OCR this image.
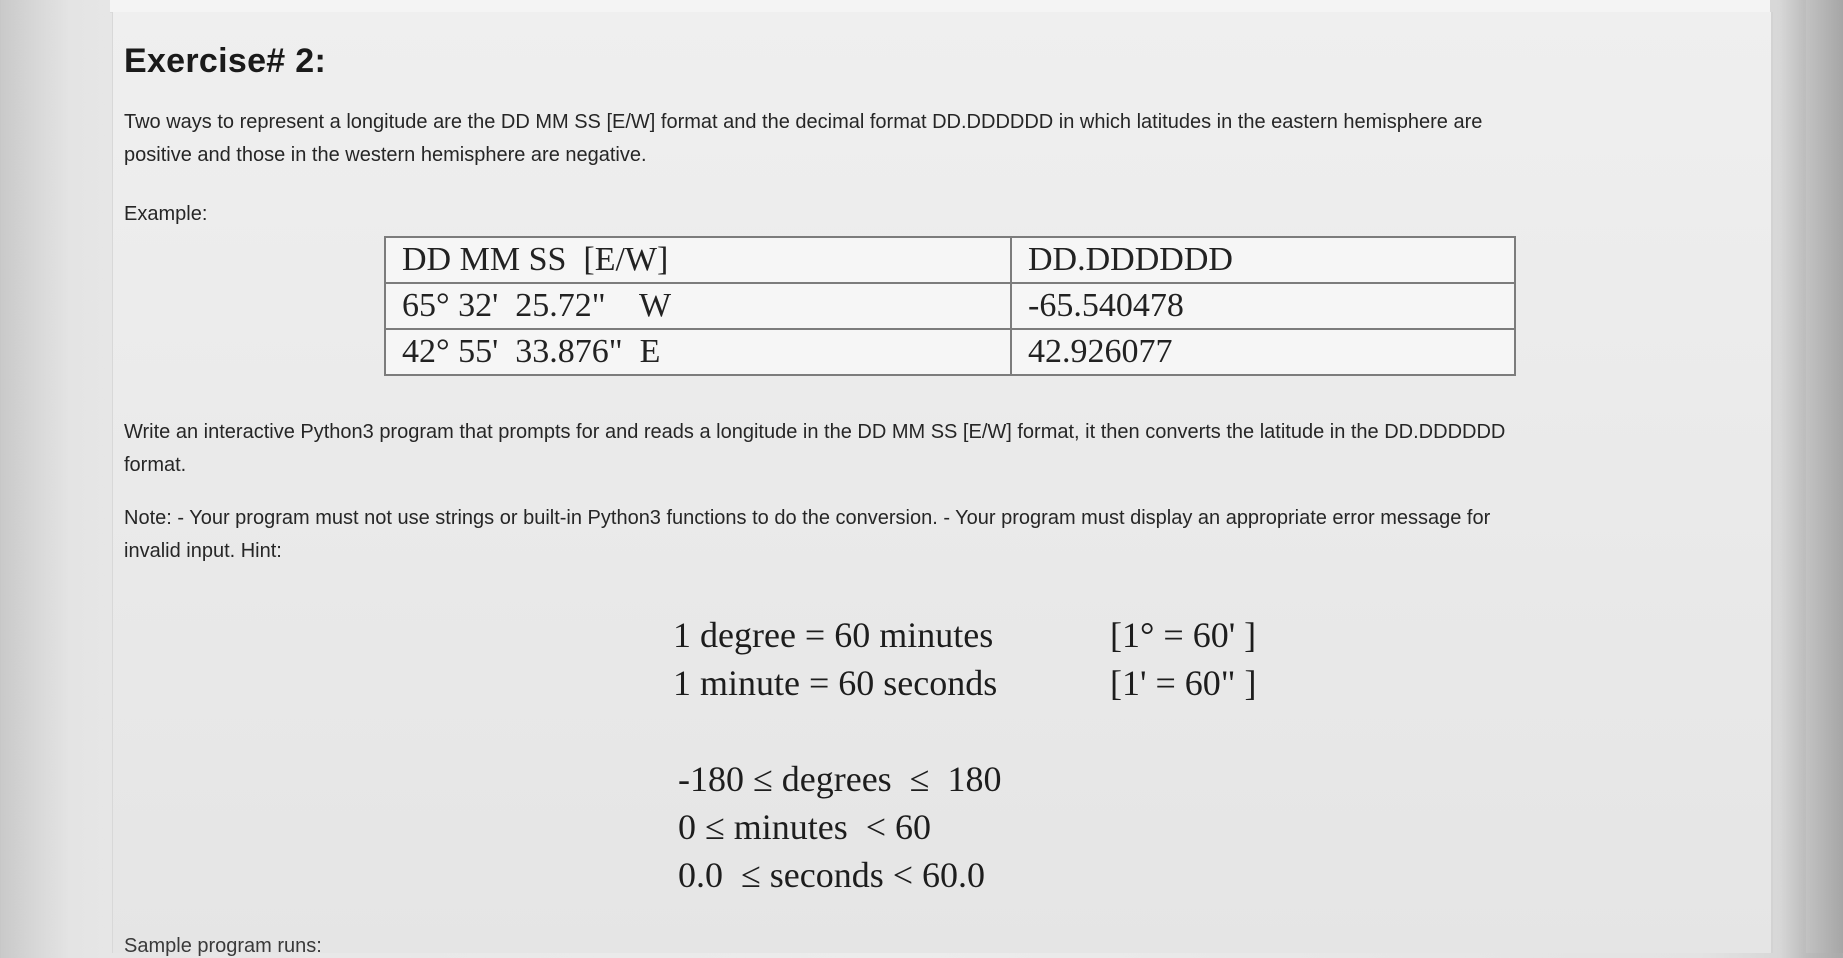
Exercise# 2:
Two ways to represent a longitude are the DD MM SS [E/W] format and the decimal format DD.DDDDDD in which latitudes in the eastern hemisphere are
positive and those in the western hemisphere are negative.
Example:
DD MM SS  [E/W]	DD.DDDDDD
65° 32'  25.72"    W	-65.540478
42° 55'  33.876"  E	42.926077
Write an interactive Python3 program that prompts for and reads a longitude in the DD MM SS [E/W] format, it then converts the latitude in the DD.DDDDDD
format.
Note: - Your program must not use strings or built-in Python3 functions to do the conversion. - Your program must display an appropriate error message for
invalid input. Hint:
1 degree = 60 minutes	[1° = 60' ]
1 minute = 60 seconds	[1' = 60" ]
-180 ≤ degrees  ≤  180
0 ≤ minutes  < 60
0.0  ≤ seconds < 60.0
Sample program runs:
